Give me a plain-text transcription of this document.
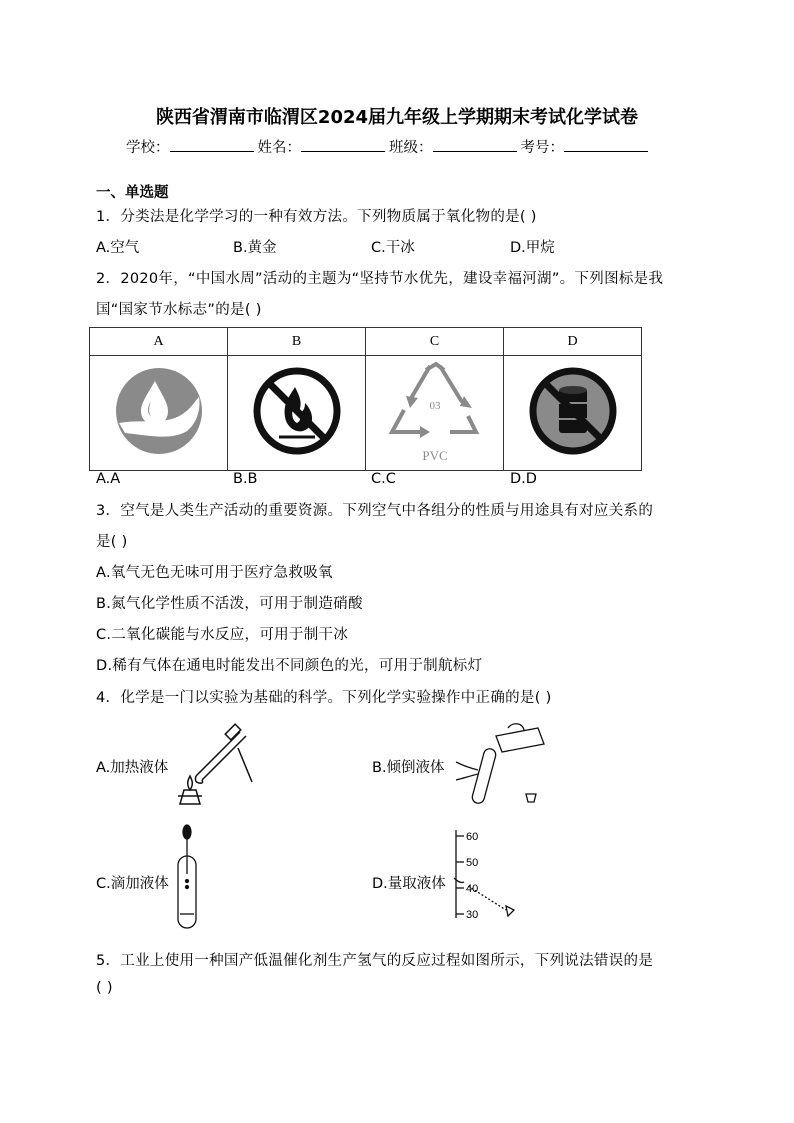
陕西省渭南市临渭区2024届九年级上学期期末考试化学试卷
学校：	姓名：	班级：	考号：
一、单选题
1．分类法是化学学习的一种有效方法。下列物质属于氧化物的是( )
A.空气	B.黄金	C.干冰	D.甲烷
2．2020年，“中国水周”活动的主题为“坚持节水优先，建设幸福河湖”。下列图标是我
国“国家节水标志”的是( )
A	B	C	D

03
PVC

A.A	B.B	C.C	D.D
3．空气是人类生产活动的重要资源。下列空气中各组分的性质与用途具有对应关系的
是( )
A.氧气无色无味可用于医疗急救吸氧
B.氮气化学性质不活泼，可用于制造硝酸
C.二氧化碳能与水反应，可用于制干冰
D.稀有气体在通电时能发出不同颜色的光，可用于制航标灯
4．化学是一门以实验为基础的科学。下列化学实验操作中正确的是( )
A.加热液体	B.倾倒液体
C.滴加液体	D.量取液体
60
50
40
30
5．工业上使用一种国产低温催化剂生产氢气的反应过程如图所示，下列说法错误的是
( )
